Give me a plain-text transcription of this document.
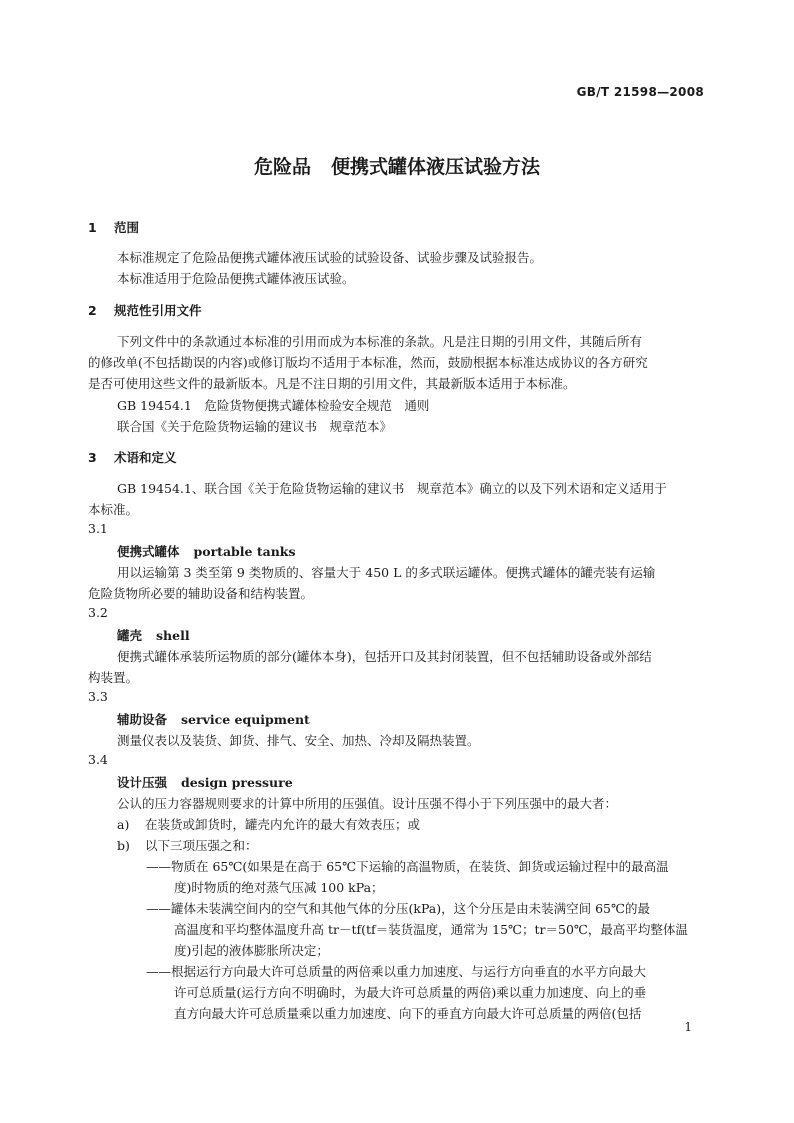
GB/T 21598—2008
危险品 便携式罐体液压试验方法
1 范围
本标准规定了危险品便携式罐体液压试验的试验设备、试验步骤及试验报告。
本标准适用于危险品便携式罐体液压试验。
2 规范性引用文件
下列文件中的条款通过本标准的引用而成为本标准的条款。凡是注日期的引用文件，其随后所有
的修改单(不包括勘误的内容)或修订版均不适用于本标准，然而，鼓励根据本标准达成协议的各方研究
是否可使用这些文件的最新版本。凡是不注日期的引用文件，其最新版本适用于本标准。
GB 19454.1　危险货物便携式罐体检验安全规范　通则
联合国《关于危险货物运输的建议书　规章范本》
3 术语和定义
GB 19454.1、联合国《关于危险货物运输的建议书　规章范本》确立的以及下列术语和定义适用于
本标准。
3.1
便携式罐体 portable tanks
用以运输第 3 类至第 9 类物质的、容量大于 450 L 的多式联运罐体。便携式罐体的罐壳装有运输
危险货物所必要的辅助设备和结构装置。
3.2
罐壳 shell
便携式罐体承装所运物质的部分(罐体本身)，包括开口及其封闭装置，但不包括辅助设备或外部结
构装置。
3.3
辅助设备 service equipment
测量仪表以及装货、卸货、排气、安全、加热、冷却及隔热装置。
3.4
设计压强 design pressure
公认的压力容器规则要求的计算中所用的压强值。设计压强不得小于下列压强中的最大者：
a) 在装货或卸货时，罐壳内允许的最大有效表压；或
b) 以下三项压强之和：
——物质在 65℃(如果是在高于 65℃下运输的高温物质，在装货、卸货或运输过程中的最高温
度)时物质的绝对蒸气压减 100 kPa；
——罐体未装满空间内的空气和其他气体的分压(kPa)，这个分压是由未装满空间 65℃的最
高温度和平均整体温度升高 tr－tf(tf＝装货温度，通常为 15℃；tr＝50℃，最高平均整体温
度)引起的液体膨胀所决定；
——根据运行方向最大许可总质量的两倍乘以重力加速度、与运行方向垂直的水平方向最大
许可总质量(运行方向不明确时，为最大许可总质量的两倍)乘以重力加速度、向上的垂
直方向最大许可总质量乘以重力加速度、向下的垂直方向最大许可总质量的两倍(包括
1
